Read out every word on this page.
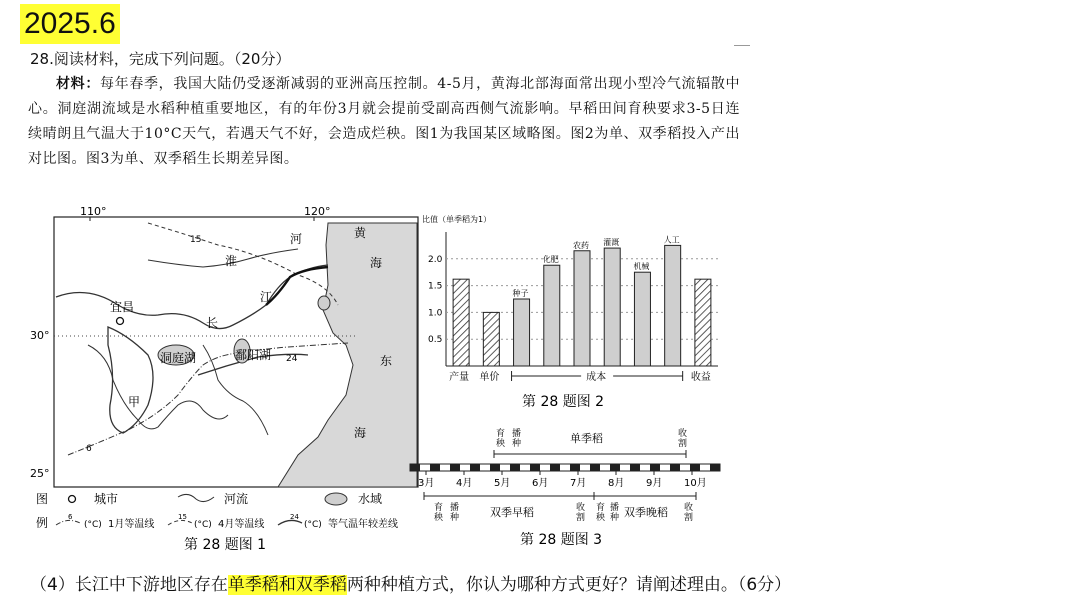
2025.6
28.阅读材料，完成下列问题。（20分）
材料：每年春季，我国大陆仍受逐渐减弱的亚洲高压控制。4-5月，黄海北部海面常出现小型冷气流辐散中心。洞庭湖流域是水稻种植重要地区，有的年份3月就会提前受副高西侧气流影响。早稻田间育秧要求3-5日连续晴朗且气温大于10°C天气，若遇天气不好，会造成烂秧。图1为我国某区域略图。图2为单、双季稻投入产出对比图。图3为单、双季稻生长期差异图。
110°	120°
30°
25°
15
6
24
宜昌
洞庭湖	鄱阳湖
甲
淮
河
江
长
黄
海
东
海
图
例
城市	河流	水域
6
(°C) 1月等温线
15
(°C) 4月等温线
24
(°C) 等气温年较差线
第 28 题图 1
比值（单季稻为1）
0.5
1.0
1.5
2.0
种子
化肥
农药 灌溉
机械
人工
产量 单价	收益
成本
第 28 题图 2
育
秧
播
种	单季稻	收
割
3月 4月 5月 6月 7月 8月 9月 10月
育
秧
播
种	双季早稻	收
割
育
秧
播
种 双季晚稻 收
割
第 28 题图 3
（4）长江中下游地区存在单季稻和双季稻两种种植方式，你认为哪种方式更好？请阐述理由。（6分）
